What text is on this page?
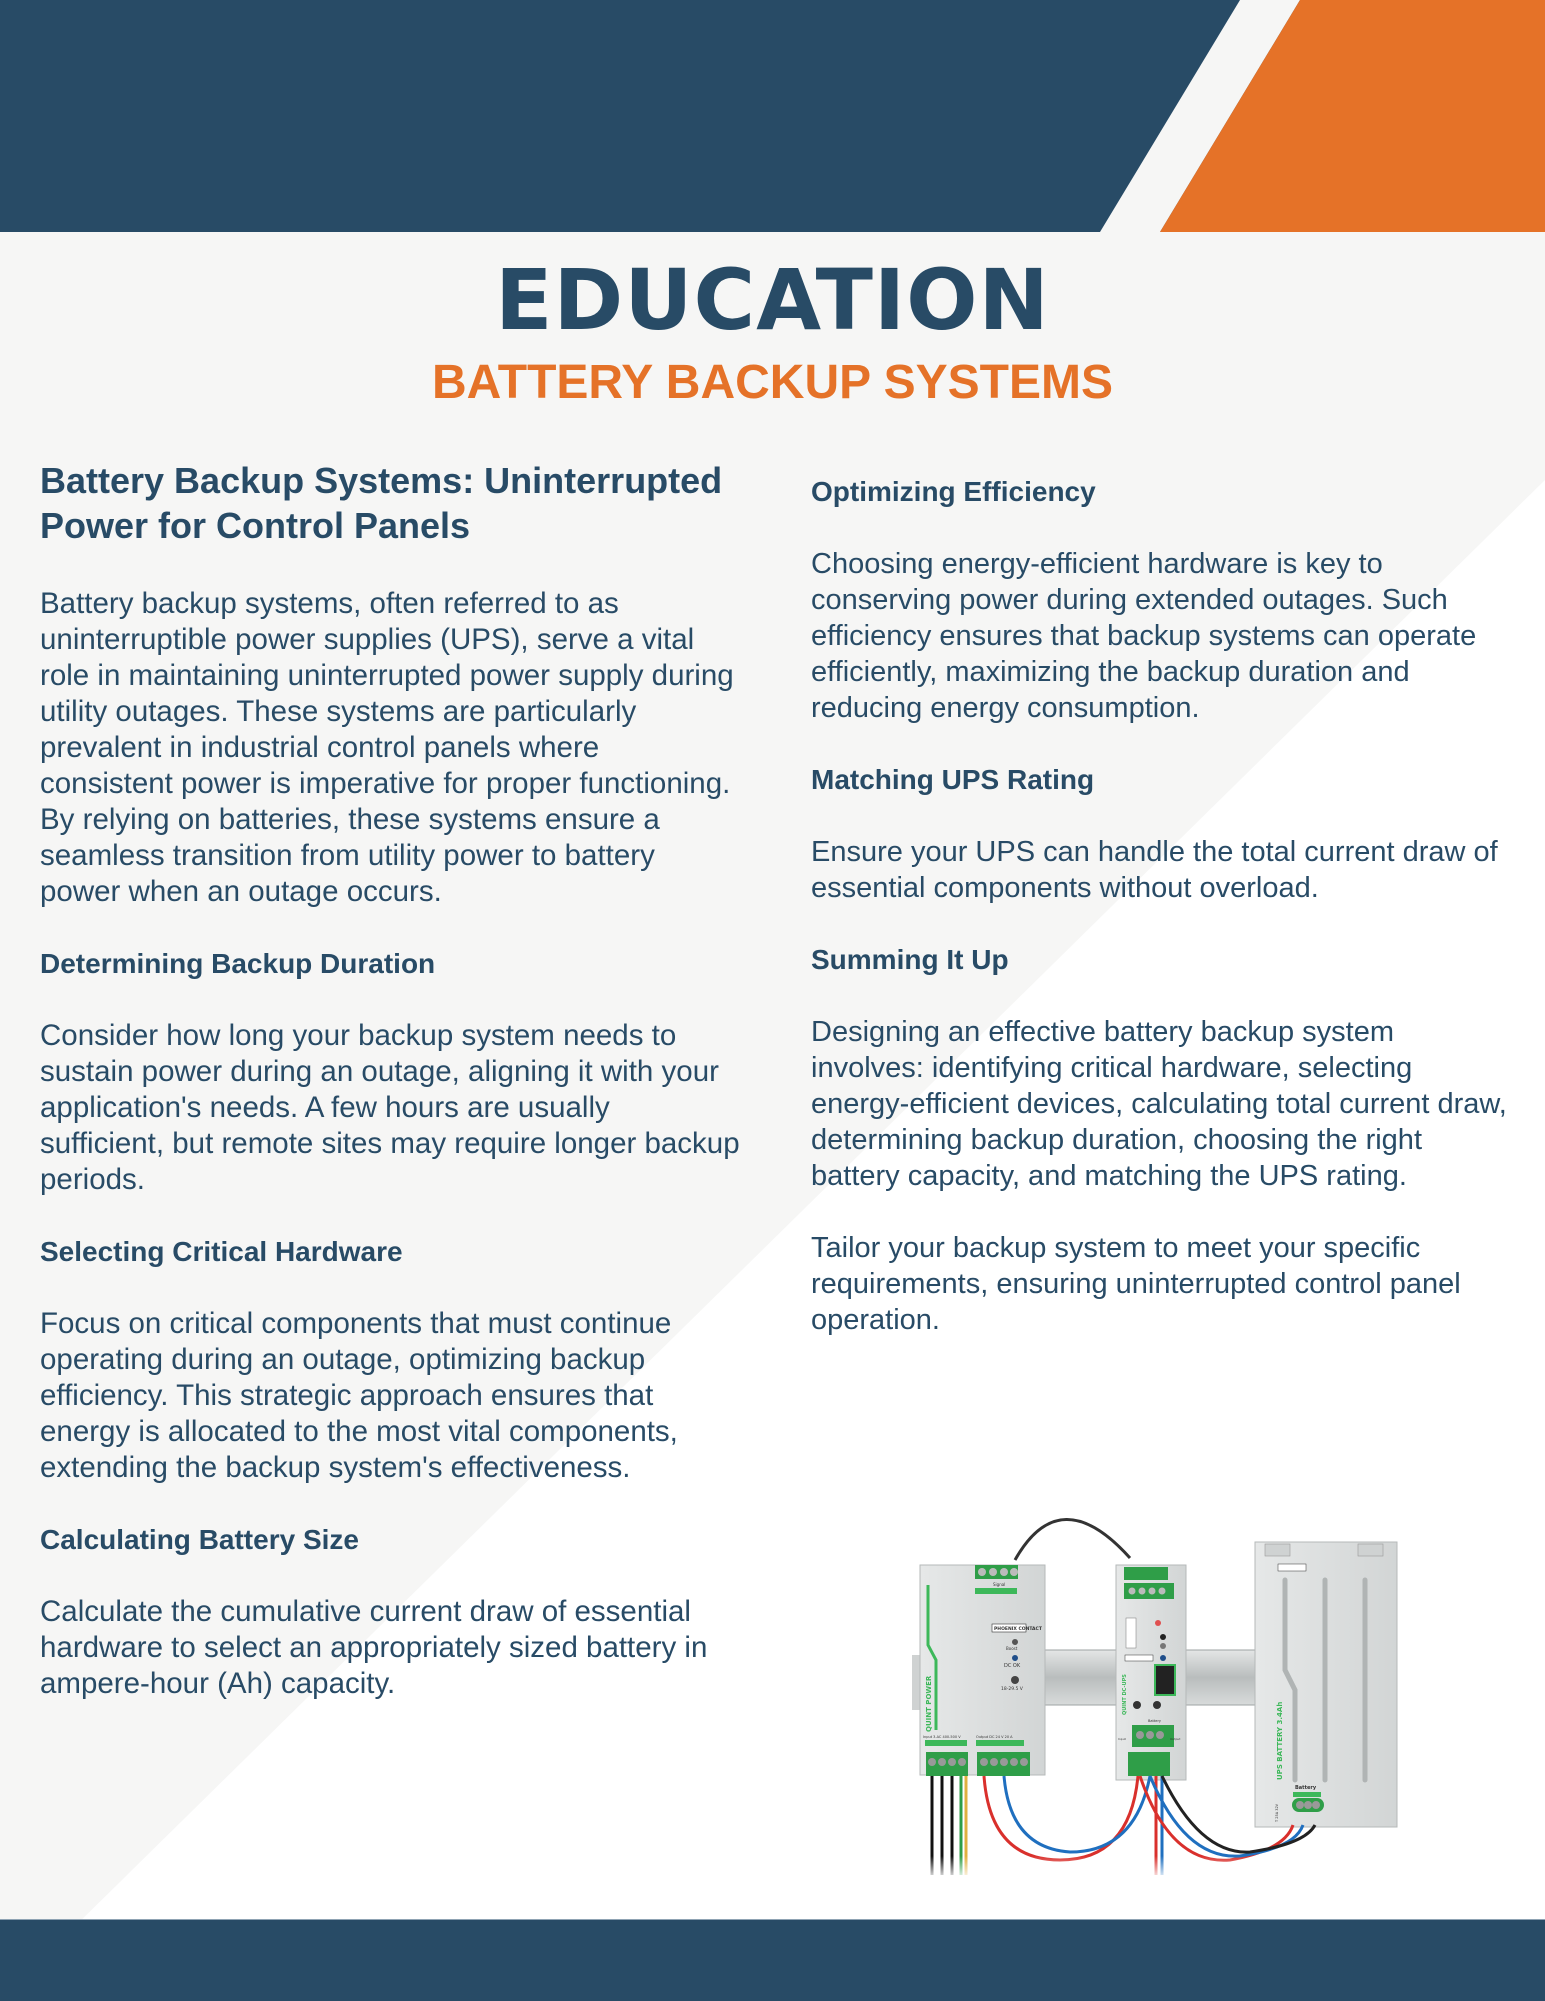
EDUCATION
BATTERY BACKUP SYSTEMS
Battery Backup Systems: Uninterrupted Power for Control Panels

Battery backup systems, often referred to as uninterruptible power supplies (UPS), serve a vital role in maintaining uninterrupted power supply during utility outages. These systems are particularly prevalent in industrial control panels where consistent power is imperative for proper functioning. By relying on batteries, these systems ensure a seamless transition from utility power to battery power when an outage occurs.

Determining Backup Duration

Consider how long your backup system needs to sustain power during an outage, aligning it with your application's needs. A few hours are usually sufficient, but remote sites may require longer backup periods.

Selecting Critical Hardware

Focus on critical components that must continue operating during an outage, optimizing backup efficiency. This strategic approach ensures that energy is allocated to the most vital components, extending the backup system's effectiveness.

Calculating Battery Size

Calculate the cumulative current draw of essential hardware to select an appropriately sized battery in ampere-hour (Ah) capacity.

Optimizing Efficiency

Choosing energy-efficient hardware is key to conserving power during extended outages. Such efficiency ensures that backup systems can operate efficiently, maximizing the backup duration and reducing energy consumption.

Matching UPS Rating

Ensure your UPS can handle the total current draw of essential components without overload.

Summing It Up

Designing an effective battery backup system involves: identifying critical hardware, selecting energy-efficient devices, calculating total current draw, determining backup duration, choosing the right battery capacity, and matching the UPS rating.

Tailor your backup system to meet your specific requirements, ensuring uninterrupted control panel operation.

Signal
PHOENIX CONTACT
Boost
DC OK
18-29.5 V
QUINT POWER
Input 3-AC 400-500 V	Output DC 24 V 20 A
Battery
QUINT DC-UPS
Input	Output	UPS BATTERY 3.4Ah
Battery
